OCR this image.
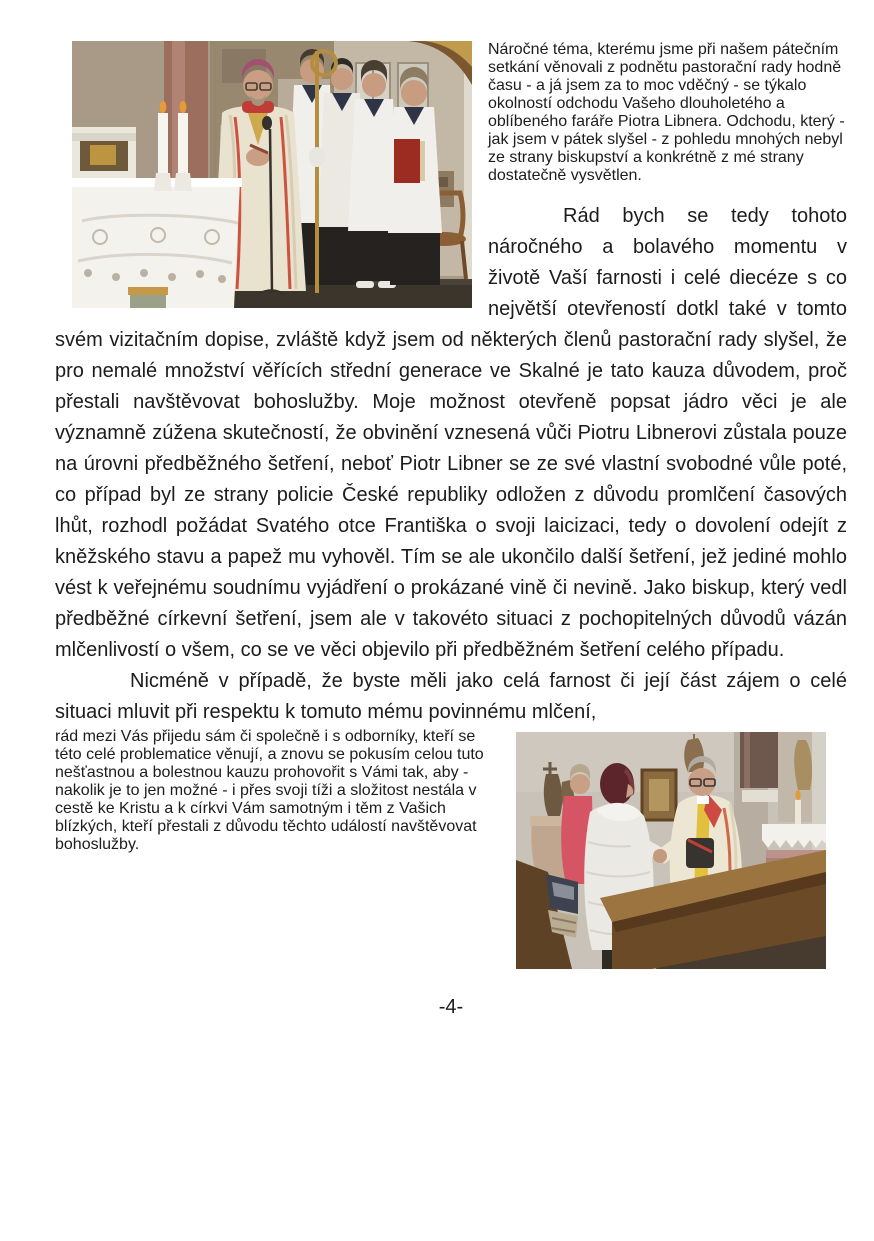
Náročné téma, kterému jsme při našem pátečním setkání věnovali z podnětu pastorační rady hodně času - a já jsem za to moc vděčný - se týkalo okolností odchodu Vašeho dlouholetého a oblíbeného faráře Piotra Libnera. Odchodu, který - jak jsem v pátek slyšel - z pohledu mnohých nebyl ze strany biskupství a konkrétně z mé strany dostatečně vysvětlen.

Rád bych se tedy tohoto náročného a bolavého momentu v životě Vaší farnosti i celé diecéze s co největší otevřeností dotkl také v tomto svém vizitačním dopise, zvláště když jsem od některých členů pastorační rady slyšel, že pro nemalé množství věřících střední generace ve Skalné je tato kauza důvodem, proč přestali navštěvovat bohoslužby. Moje možnost otevřeně popsat jádro věci je ale významně zúžena skutečností, že obvinění vznesená vůči Piotru Libnerovi zůstala pouze na úrovni předběžného šetření, neboť Piotr Libner se ze své vlastní svobodné vůle poté, co případ byl ze strany policie České republiky odložen z důvodu promlčení časových lhůt, rozhodl požádat Svatého otce Františka o svoji laicizaci, tedy o dovolení odejít z kněžského stavu a papež mu vyhověl. Tím se ale ukončilo další šetření, jež jediné mohlo vést k veřejnému soudnímu vyjádření o prokázané vině či nevině. Jako biskup, který vedl předběžné církevní šetření, jsem ale v takovéto situaci z pochopitelných důvodů vázán mlčenlivostí o všem, co se ve věci objevilo při předběžném šetření celého případu.

Nicméně v případě, že byste měli jako celá farnost či její část zájem o celé situaci mluvit při respektu k tomuto mému povinnému mlčení,

rád mezi Vás přijedu sám či společně i s odborníky, kteří se této celé problematice věnují, a znovu se pokusím celou tuto nešťastnou a bolestnou kauzu prohovořit s Vámi tak, aby - nakolik je to jen možné - i přes svoji tíži a složitost nestála v cestě ke Kristu a k církvi Vám samotným i těm z Vašich blízkých, kteří přestali z důvodu těchto událostí navštěvovat bohoslužby.

-4-
